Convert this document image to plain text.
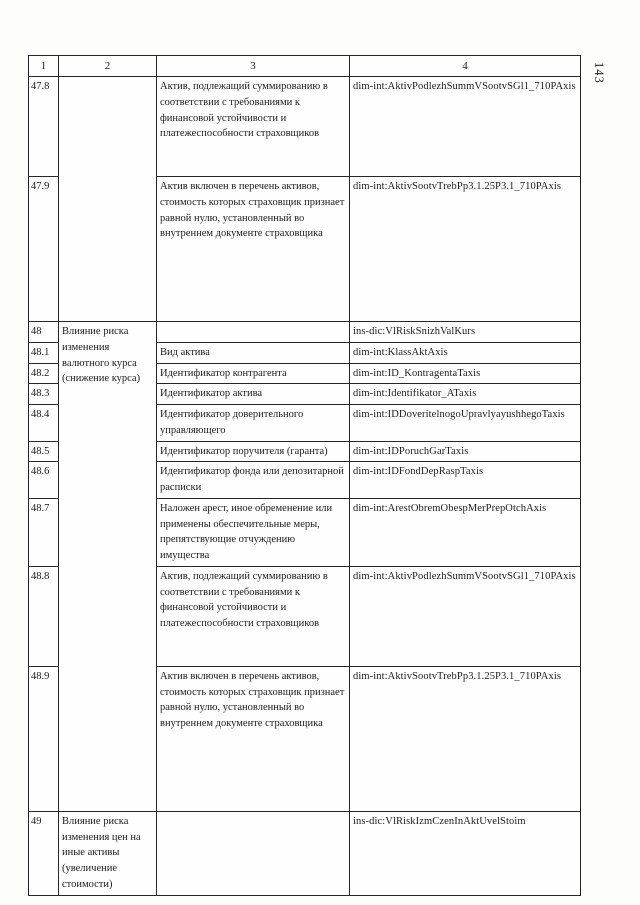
143
1	2	3	4
47.8		Актив, подлежащий суммированию в соответствии с требованиями к финансовой устойчивости и платежеспособности страховщиков	dim-int:AktivPodlezhSummVSootvSGl1_710PAxis
47.9		Актив включен в перечень активов, стоимость которых страховщик признает равной нулю, установленный во внутреннем документе страховщика	dim-int:AktivSootvTrebPp3.1.25P3.1_710PAxis
48	Влияние риска изменения валютного курса (снижение курса)		ins-dic:VlRiskSnizhValKurs
48.1		Вид актива	dim-int:KlassAktAxis
48.2		Идентификатор контрагента	dim-int:ID_KontragentaTaxis
48.3		Идентификатор актива	dim-int:Identifikator_ATaxis
48.4		Идентификатор доверительного управляющего	dim-int:IDDoveritelnogoUpravlyayushhegoTaxis
48.5		Идентификатор поручителя (гаранта)	dim-int:IDPoruchGarTaxis
48.6		Идентификатор фонда или депозитарной расписки	dim-int:IDFondDepRaspTaxis
48.7		Наложен арест, иное обременение или применены обеспечительные меры, препятствующие отчуждению имущества	dim-int:ArestObremObespMerPrepOtchAxis
48.8		Актив, подлежащий суммированию в соответствии с требованиями к финансовой устойчивости и платежеспособности страховщиков	dim-int:AktivPodlezhSummVSootvSGl1_710PAxis
48.9		Актив включен в перечень активов, стоимость которых страховщик признает равной нулю, установленный во внутреннем документе страховщика	dim-int:AktivSootvTrebPp3.1.25P3.1_710PAxis
49	Влияние риска изменения цен на иные активы (увеличение стоимости)		ins-dic:VlRiskIzmCzenInAktUvelStoim
